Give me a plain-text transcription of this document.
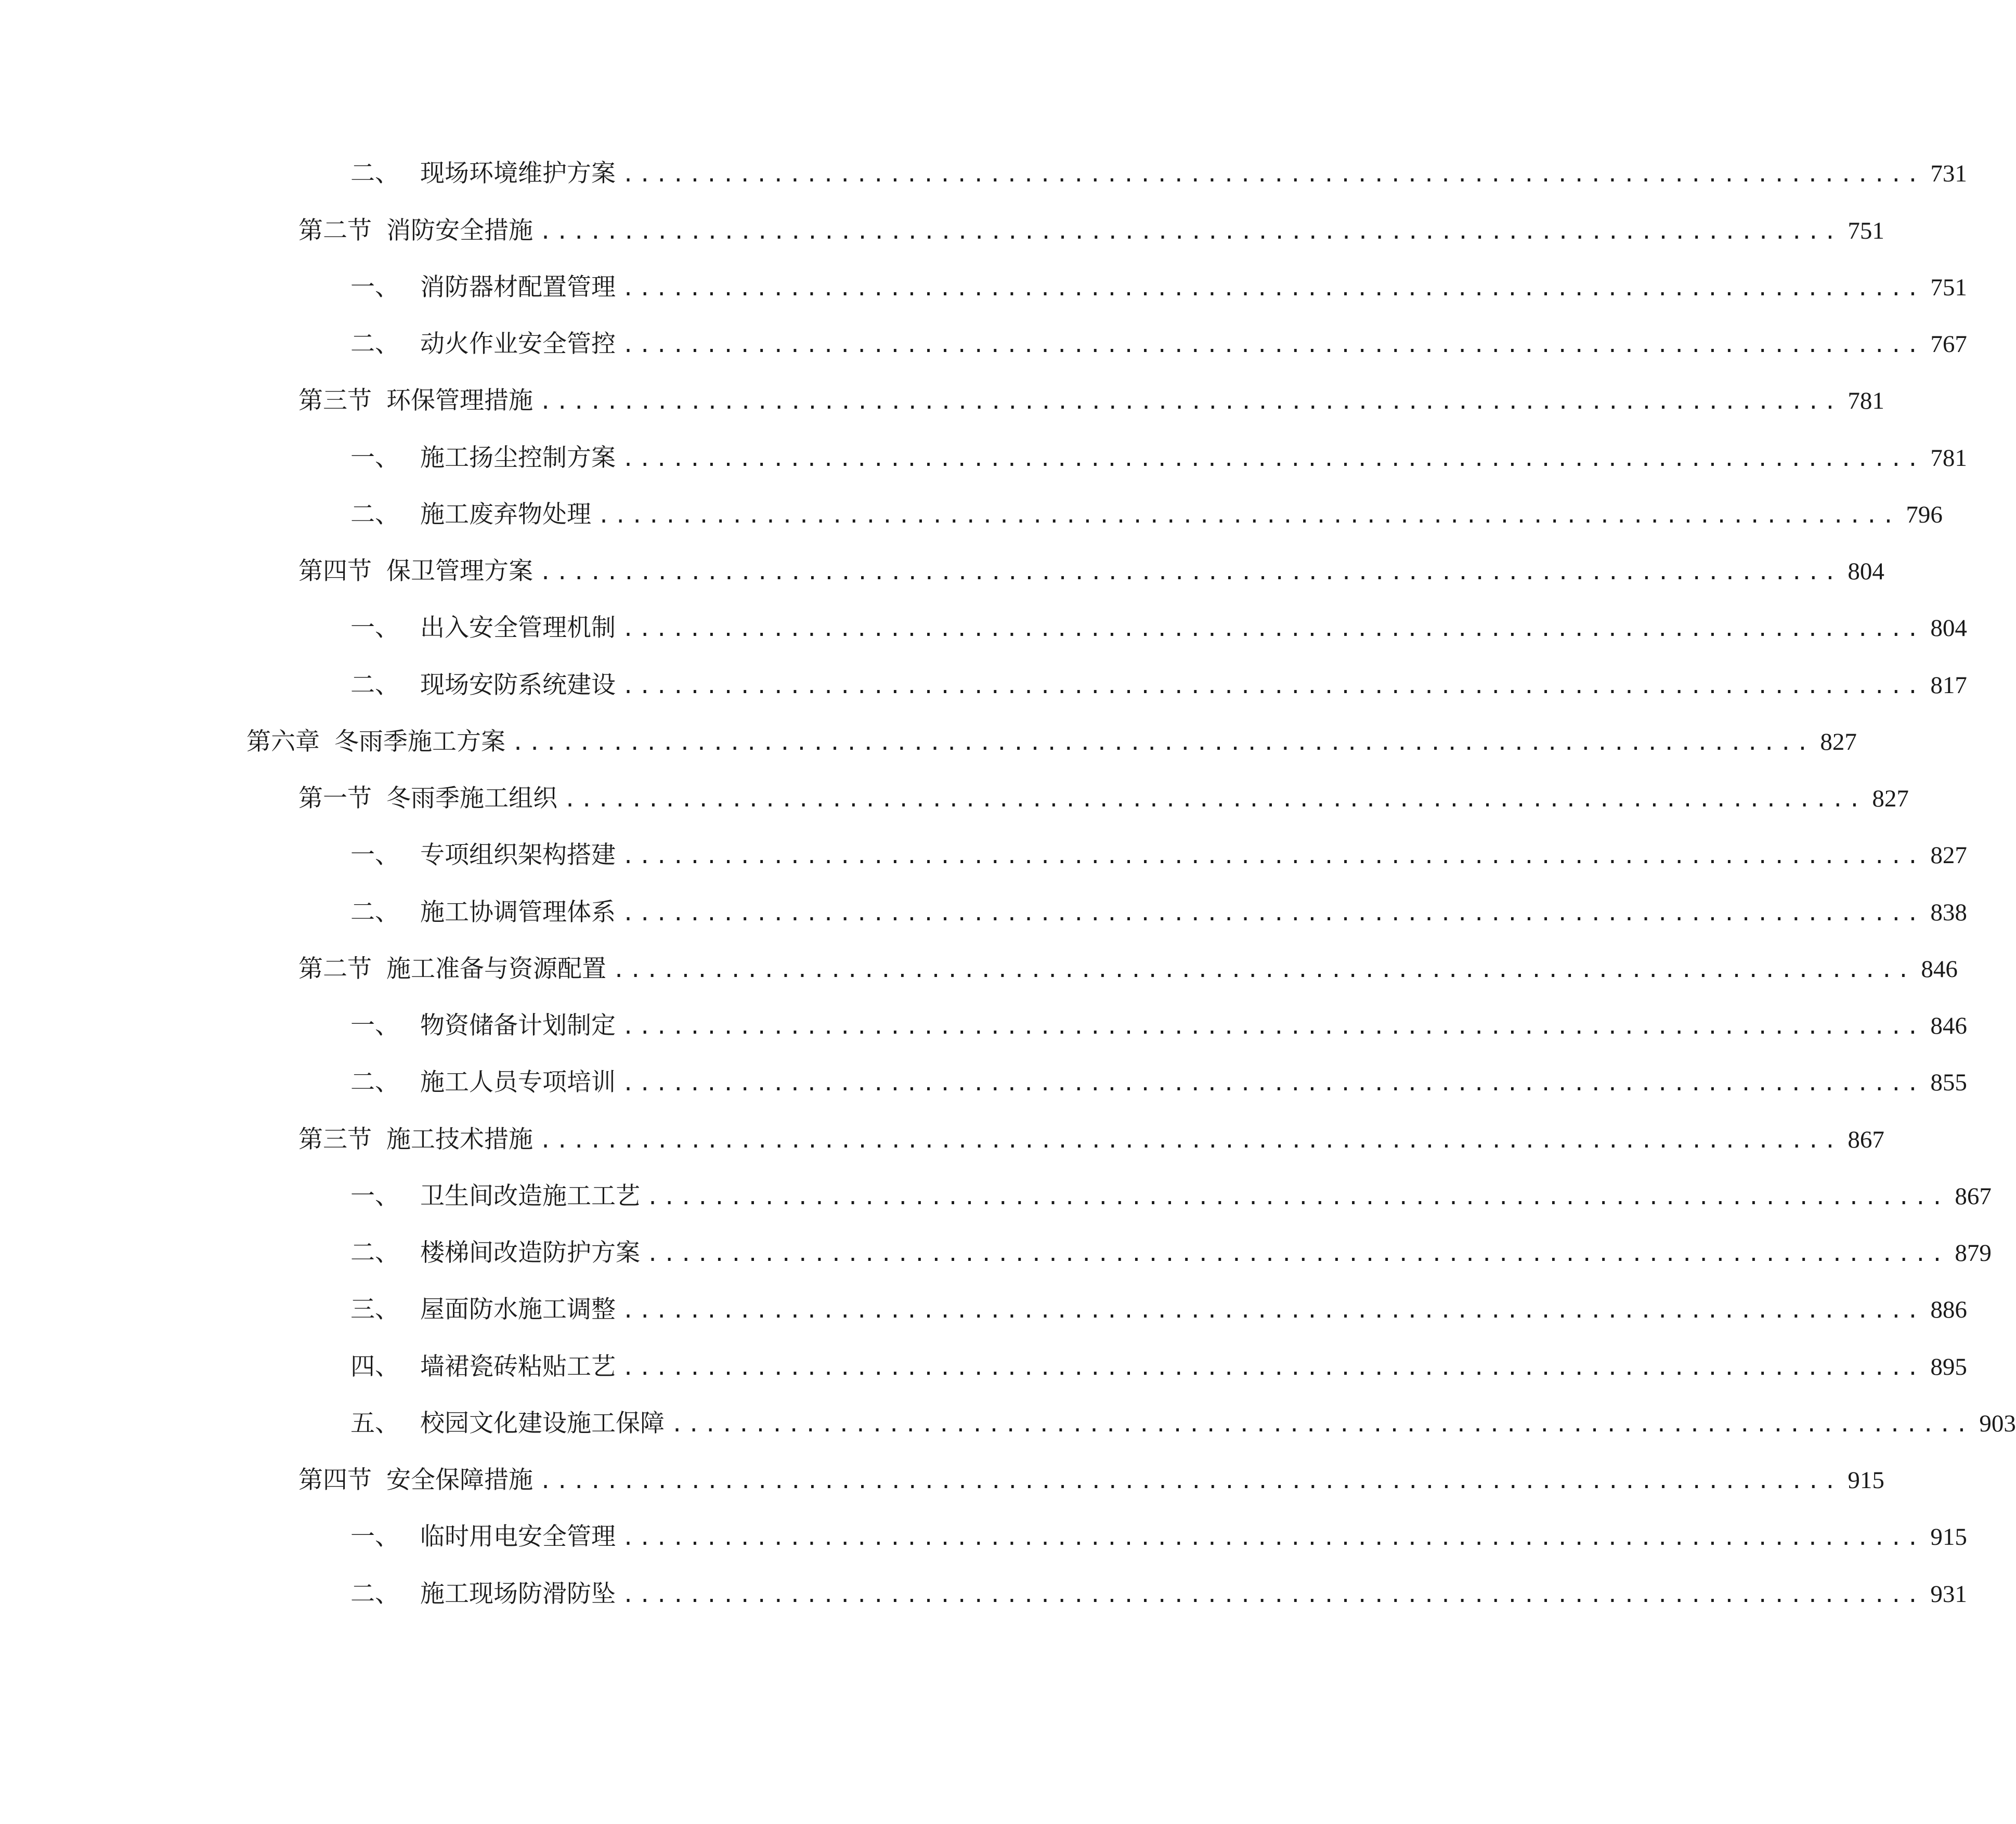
二、 现场环境维护方案 .............................................................................. 731
第二节 消防安全措施 .............................................................................. 751
一、 消防器材配置管理 .............................................................................. 751
二、 动火作业安全管控 .............................................................................. 767
第三节 环保管理措施 .............................................................................. 781
一、 施工扬尘控制方案 .............................................................................. 781
二、 施工废弃物处理 .............................................................................. 796
第四节 保卫管理方案 .............................................................................. 804
一、 出入安全管理机制 .............................................................................. 804
二、 现场安防系统建设 .............................................................................. 817
第六章 冬雨季施工方案 .............................................................................. 827
第一节 冬雨季施工组织 .............................................................................. 827
一、 专项组织架构搭建 .............................................................................. 827
二、 施工协调管理体系 .............................................................................. 838
第二节 施工准备与资源配置 .............................................................................. 846
一、 物资储备计划制定 .............................................................................. 846
二、 施工人员专项培训 .............................................................................. 855
第三节 施工技术措施 .............................................................................. 867
一、 卫生间改造施工工艺 .............................................................................. 867
二、 楼梯间改造防护方案 .............................................................................. 879
三、 屋面防水施工调整 .............................................................................. 886
四、 墙裙瓷砖粘贴工艺 .............................................................................. 895
五、 校园文化建设施工保障 .............................................................................. 903
第四节 安全保障措施 .............................................................................. 915
一、 临时用电安全管理 .............................................................................. 915
二、 施工现场防滑防坠 .............................................................................. 931
